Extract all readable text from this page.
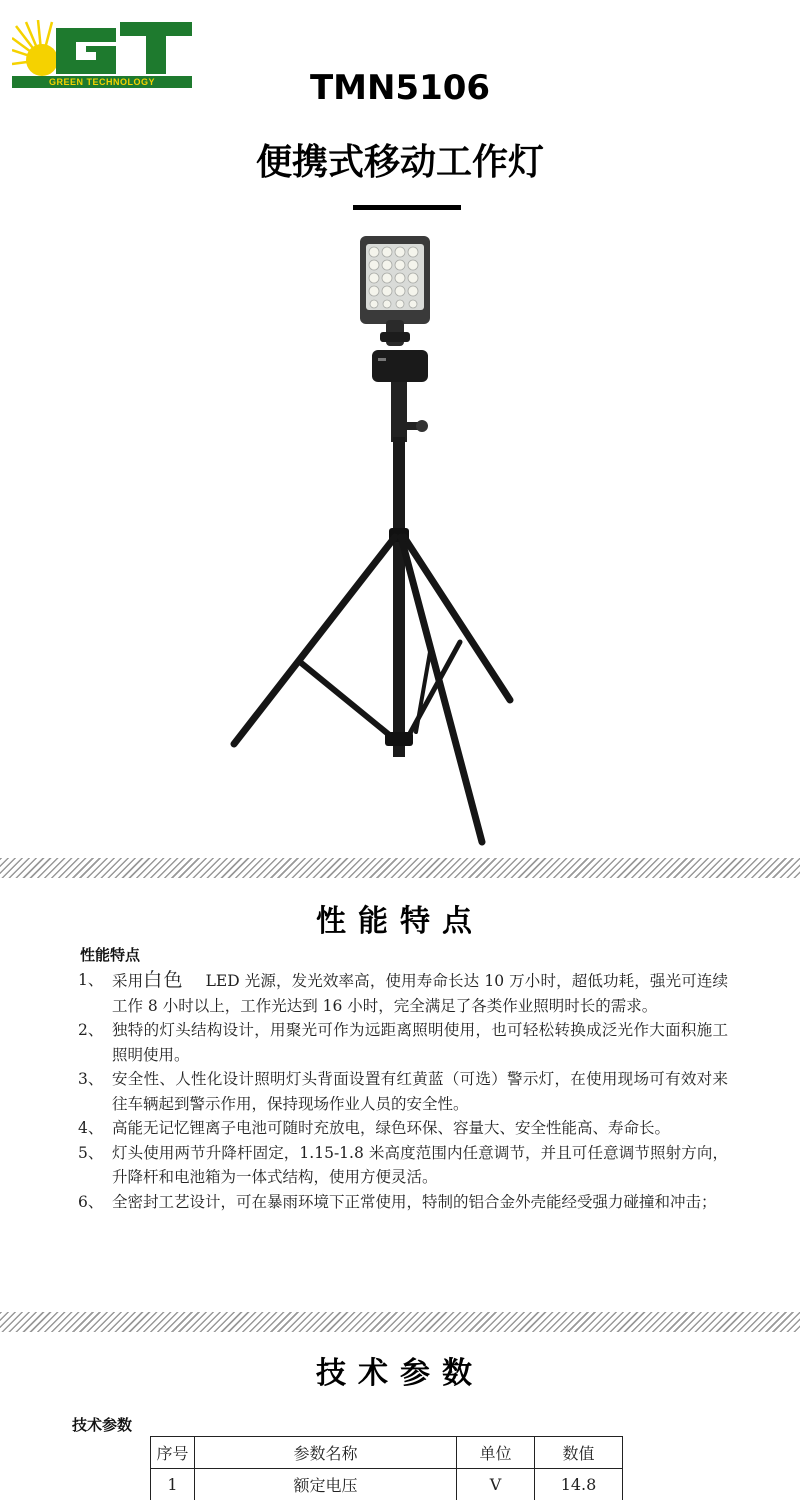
GREEN TECHNOLOGY	TMN5106
便携式移动工作灯
性能特点
性能特点
1、 采用白色 LED 光源，发光效率高，使用寿命长达 10 万小时，超低功耗，强光可连续工作 8 小时以上，工作光达到 16 小时，完全满足了各类作业照明时长的需求。
2、 独特的灯头结构设计，用聚光可作为远距离照明使用，也可轻松转换成泛光作大面积施工照明使用。
3、 安全性、人性化设计照明灯头背面设置有红黄蓝（可选）警示灯，在使用现场可有效对来往车辆起到警示作用，保持现场作业人员的安全性。
4、 高能无记忆锂离子电池可随时充放电，绿色环保、容量大、安全性能高、寿命长。
5、 灯头使用两节升降杆固定，1.15-1.8 米高度范围内任意调节，并且可任意调节照射方向，升降杆和电池箱为一体式结构，使用方便灵活。
6、 全密封工艺设计，可在暴雨环境下正常使用，特制的铝合金外壳能经受强力碰撞和冲击；
技术参数
技术参数
序号	参数名称	单位	数值
1	额定电压	V	14.8
